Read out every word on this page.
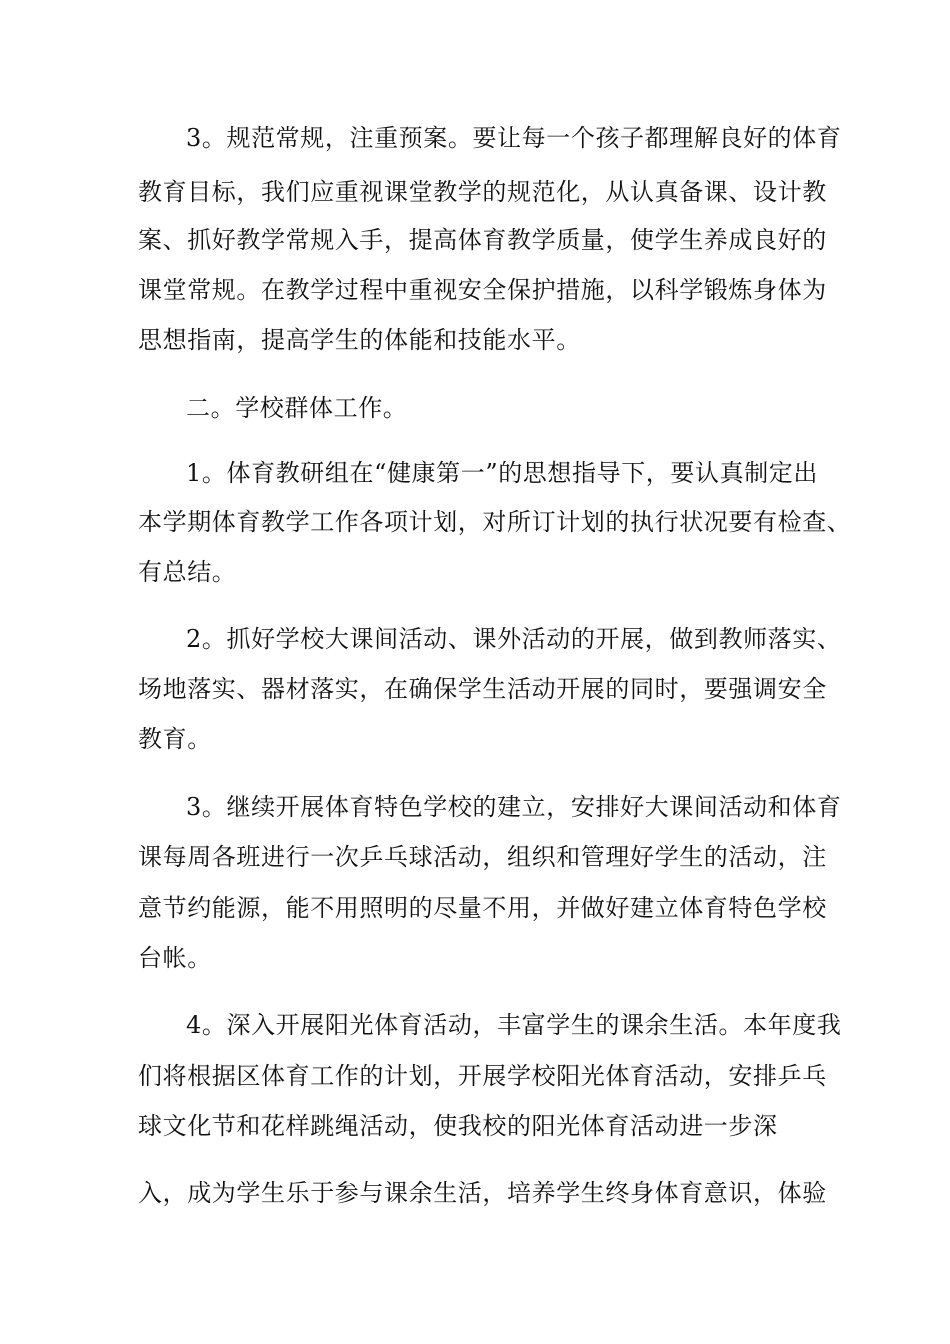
3。规范常规，注重预案。要让每一个孩子都理解良好的体育
教育目标，我们应重视课堂教学的规范化，从认真备课、设计教
案、抓好教学常规入手，提高体育教学质量，使学生养成良好的
课堂常规。在教学过程中重视安全保护措施，以科学锻炼身体为
思想指南，提高学生的体能和技能水平。
二。学校群体工作。
1。体育教研组在“健康第一”的思想指导下，要认真制定出
本学期体育教学工作各项计划，对所订计划的执行状况要有检查、
有总结。
2。抓好学校大课间活动、课外活动的开展，做到教师落实、
场地落实、器材落实，在确保学生活动开展的同时，要强调安全
教育。
3。继续开展体育特色学校的建立，安排好大课间活动和体育
课每周各班进行一次乒乓球活动，组织和管理好学生的活动，注
意节约能源，能不用照明的尽量不用，并做好建立体育特色学校
台帐。
4。深入开展阳光体育活动，丰富学生的课余生活。本年度我
们将根据区体育工作的计划，开展学校阳光体育活动，安排乒乓
球文化节和花样跳绳活动，使我校的阳光体育活动进一步深
入，成为学生乐于参与课余生活，培养学生终身体育意识，体验
